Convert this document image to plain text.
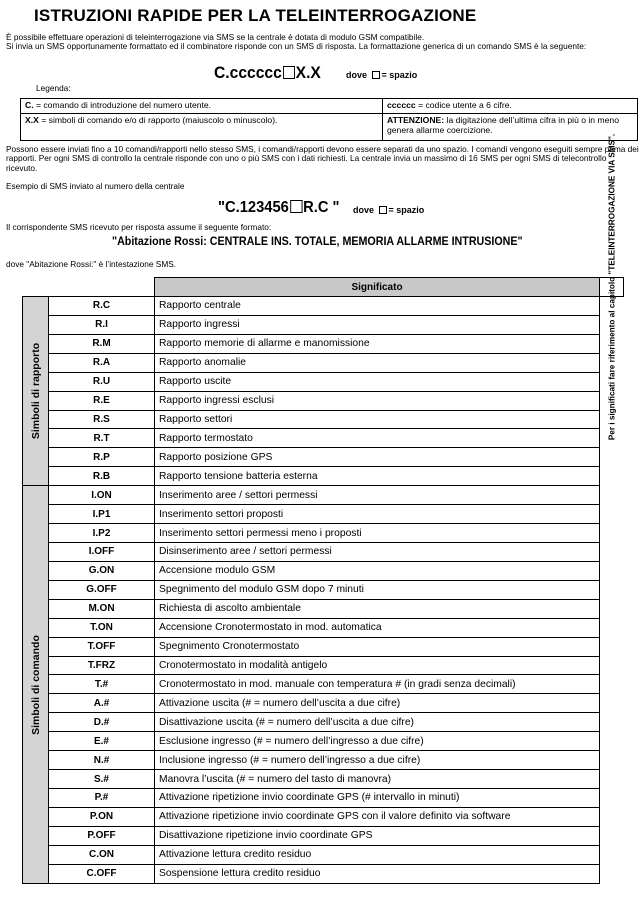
ISTRUZIONI RAPIDE PER LA TELEINTERROGAZIONE
È possibile effettuare operazioni di teleinterrogazione via SMS se la centrale è dotata di modulo GSM compatibile.
Si invia un SMS opportunamente formattato ed il combinatore risponde con un SMS di risposta. La formattazione generica di un comando SMS è la seguente:
C.cccccc X.X	dove = spazio
Legenda:
C. = comando di introduzione del numero utente.	cccccc = codice utente a 6 cifre.
X.X = simboli di comando e/o di rapporto (maiuscolo o minuscolo).	ATTENZIONE: la digitazione dell’ultima cifra in più o in meno genera allarme coercizione.
Possono essere inviati fino a 10 comandi/rapporti nello stesso SMS, i comandi/rapporti devono essere separati da uno spazio. I comandi vengono eseguiti sempre prima dei rapporti. Per ogni SMS di controllo la centrale risponde con uno o più SMS con i dati richiesti. La centrale invia un massimo di 16 SMS per ogni SMS di telecontrollo ricevuto.
Esempio di SMS inviato al numero della centrale
"C.123456 R.C " dove = spazio
Il corrispondente SMS ricevuto per risposta assume il seguente formato:
"Abitazione Rossi: CENTRALE INS. TOTALE, MEMORIA ALLARME INTRUSIONE"
dove "Abitazione Rossi:" è l’intestazione SMS.
		Significato	Per i significati fare riferimento al capitolo "TELEINTERROGAZIONE VIA SMS".

Simboli di rapporto	R.C	Rapporto centrale	
	R.I	Rapporto ingressi	
	R.M	Rapporto memorie di allarme e manomissione	
	R.A	Rapporto anomalie	
	R.U	Rapporto uscite	
	R.E	Rapporto ingressi esclusi	
	R.S	Rapporto settori	
	R.T	Rapporto termostato	
	R.P	Rapporto posizione GPS	
	R.B	Rapporto tensione batteria esterna	

Simboli di comando	I.ON	Inserimento aree / settori permessi	
	I.P1	Inserimento settori proposti	
	I.P2	Inserimento settori permessi meno i proposti	
	I.OFF	Disinserimento aree / settori permessi	
	G.ON	Accensione modulo GSM	
	G.OFF	Spegnimento del modulo GSM dopo 7 minuti	
	M.ON	Richiesta di ascolto ambientale	
	T.ON	Accensione Cronotermostato in mod. automatica	
	T.OFF	Spegnimento Cronotermostato	
	T.FRZ	Cronotermostato in modalità antigelo	
	T.#	Cronotermostato in mod. manuale con temperatura # (in gradi senza decimali)	
	A.#	Attivazione uscita (# = numero dell’uscita a due cifre)	
	D.#	Disattivazione uscita (# = numero dell’uscita a due cifre)	
	E.#	Esclusione ingresso (# = numero dell’ingresso a due cifre)	
	N.#	Inclusione ingresso (# = numero dell’ingresso a due cifre)	
	S.#	Manovra l’uscita (# = numero del tasto di manovra)	
	P.#	Attivazione ripetizione invio coordinate GPS (# intervallo in minuti)	
	P.ON	Attivazione ripetizione invio coordinate GPS con il valore definito via software	
	P.OFF	Disattivazione ripetizione invio coordinate GPS	
	C.ON	Attivazione lettura credito residuo	
	C.OFF	Sospensione lettura credito residuo	
